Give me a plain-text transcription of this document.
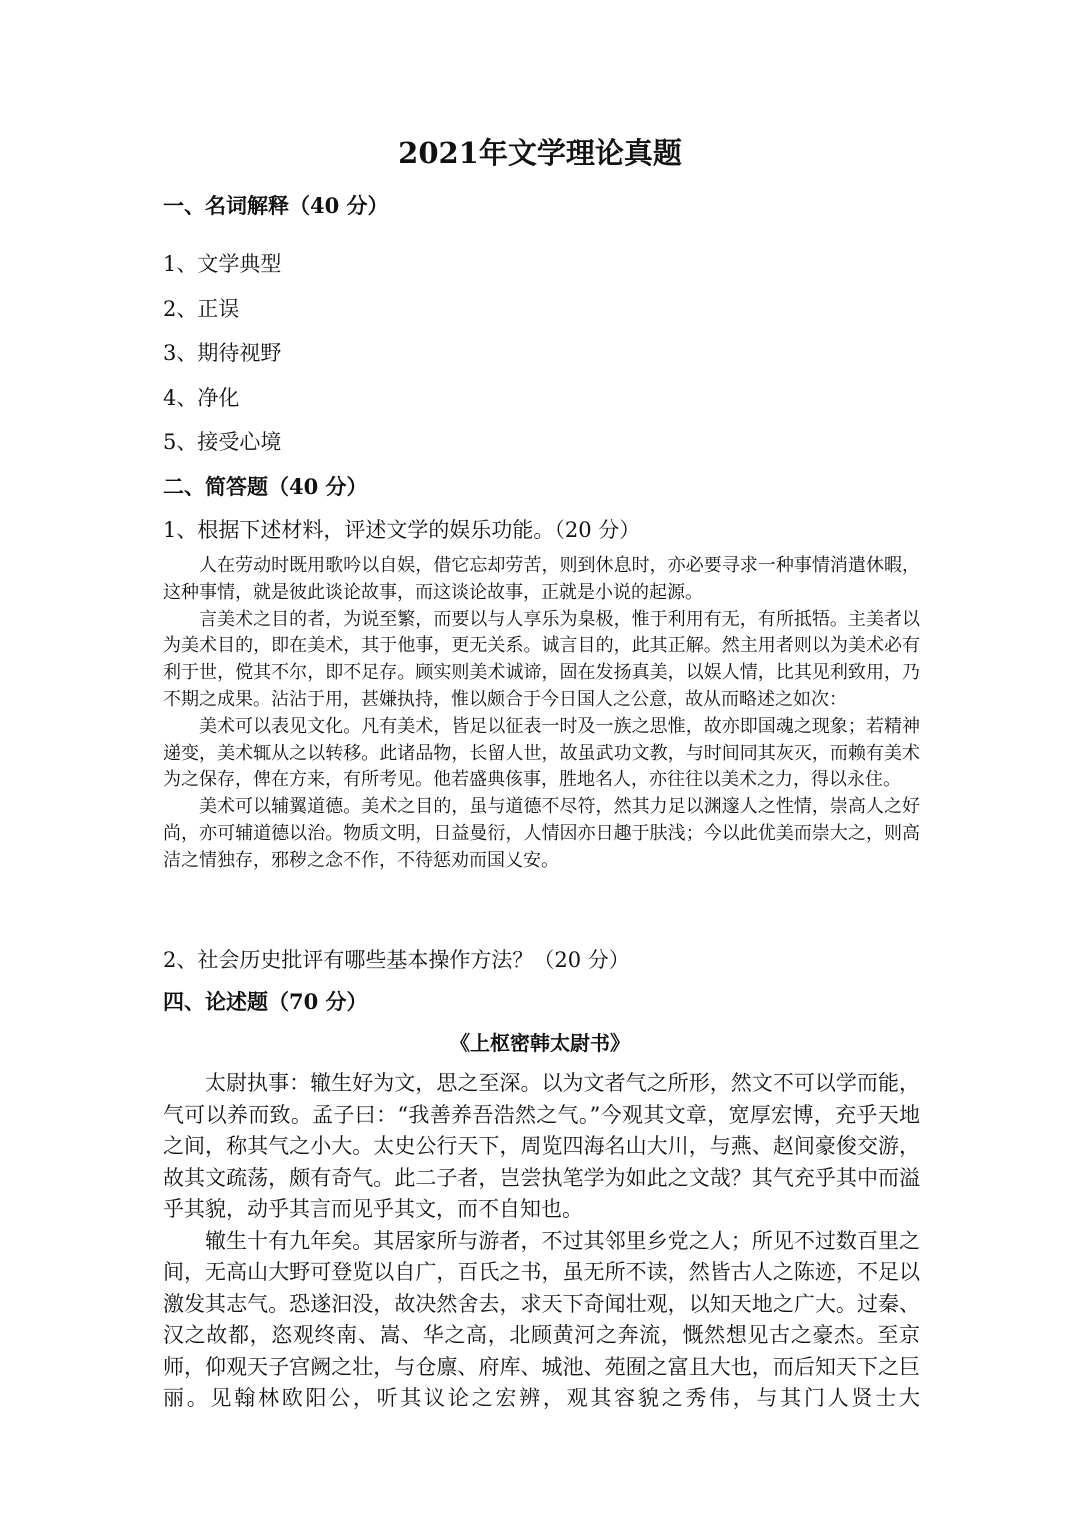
2021年文学理论真题
一、名词解释（40 分）
1、文学典型
2、正误
3、期待视野
4、净化
5、接受心境
二、简答题（40 分）
1、根据下述材料，评述文学的娱乐功能。（20 分）

人在劳动时既用歌吟以自娱，借它忘却劳苦，则到休息时，亦必要寻求一种事情消遣休暇，这种事情，就是彼此谈论故事，而这谈论故事，正就是小说的起源。

言美术之目的者，为说至繁，而要以与人享乐为臬极，惟于利用有无，有所抵牾。主美者以为美术目的，即在美术，其于他事，更无关系。诚言目的，此其正解。然主用者则以为美术必有利于世，傥其不尔，即不足存。顾实则美术诚谛，固在发扬真美，以娱人情，比其见利致用，乃不期之成果。沾沾于用，甚嫌执持，惟以颇合于今日国人之公意，故从而略述之如次：

美术可以表见文化。凡有美术，皆足以征表一时及一族之思惟，故亦即国魂之现象；若精神递变，美术辄从之以转移。此诸品物，长留人世，故虽武功文教，与时间同其灰灭，而赖有美术为之保存，俾在方来，有所考见。他若盛典侅事，胜地名人，亦往往以美术之力，得以永住。

美术可以辅翼道德。美术之目的，虽与道德不尽符，然其力足以渊邃人之性情，崇高人之好尚，亦可辅道德以治。物质文明，日益曼衍，人情因亦日趣于肤浅；今以此优美而崇大之，则高洁之情独存，邪秽之念不作，不待惩劝而国乂安。

2、社会历史批评有哪些基本操作方法？（20 分）
四、论述题（70 分）
《上枢密韩太尉书》

太尉执事：辙生好为文，思之至深。以为文者气之所形，然文不可以学而能，气可以养而致。孟子曰：“我善养吾浩然之气。”今观其文章，宽厚宏博，充乎天地之间，称其气之小大。太史公行天下，周览四海名山大川，与燕、赵间豪俊交游，故其文疏荡，颇有奇气。此二子者，岂尝执笔学为如此之文哉？其气充乎其中而溢乎其貌，动乎其言而见乎其文，而不自知也。

辙生十有九年矣。其居家所与游者，不过其邻里乡党之人；所见不过数百里之间，无高山大野可登览以自广，百氏之书，虽无所不读，然皆古人之陈迹，不足以激发其志气。恐遂汩没，故决然舍去，求天下奇闻壮观，以知天地之广大。过秦、汉之故都，恣观终南、嵩、华之高，北顾黄河之奔流，慨然想见古之豪杰。至京师，仰观天子宫阙之壮，与仓廪、府库、城池、苑囿之富且大也，而后知天下之巨丽。见翰林欧阳公，听其议论之宏辨，观其容貌之秀伟，与其门人贤士大
